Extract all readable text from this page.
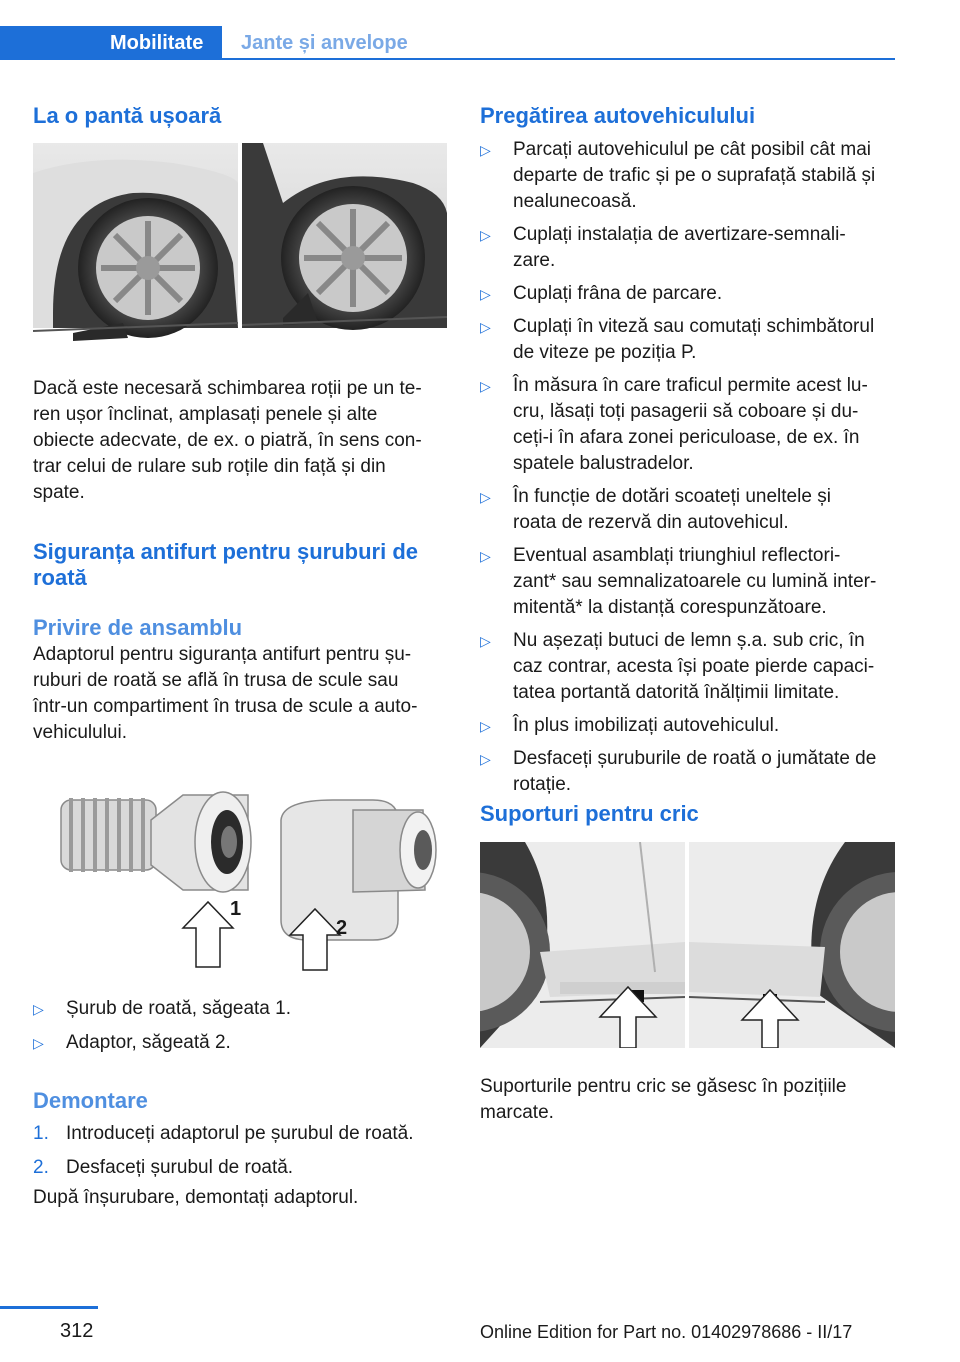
Mobilitate	Jante și anvelope
La o pantă ușoară

Dacă este necesară schimbarea roții pe un te-
ren ușor înclinat, amplasați penele și alte
obiecte adecvate, de ex. o piatră, în sens con-
trar celui de rulare sub roțile din față și din
spate.

Siguranța antifurt pentru șuruburi de
roată
Privire de ansamblu

Adaptorul pentru siguranța antifurt pentru șu-
ruburi de roată se află în trusa de scule sau
într-un compartiment în trusa de scule a auto-
vehiculului.

1
2
▷ Șurub de roată, săgeata 1.
▷ Adaptor, săgeată 2.
Demontare
1. Introduceți adaptorul pe șurubul de roată.
2. Desfaceți șurubul de roată.

După înșurubare, demontați adaptorul.

Pregătirea autovehiculului
▷ Parcați autovehiculul pe cât posibil cât mai
departe de trafic și pe o suprafață stabilă și
nealunecoasă.
▷ Cuplați instalația de avertizare-semnali-
zare.
▷ Cuplați frâna de parcare.
▷ Cuplați în viteză sau comutați schimbătorul
de viteze pe poziția P.
▷ În măsura în care traficul permite acest lu-
cru, lăsați toți pasagerii să coboare și du-
ceți-i în afara zonei periculoase, de ex. în
spatele balustradelor.
▷ În funcție de dotări scoateți uneltele și
roata de rezervă din autovehicul.
▷ Eventual asamblați triunghiul reflectori-
zant* sau semnalizatoarele cu lumină inter-
mitentă* la distanță corespunzătoare.
▷ Nu așezați butuci de lemn ș.a. sub cric, în
caz contrar, acesta își poate pierde capaci-
tatea portantă datorită înălțimii limitate.
▷ În plus imobilizați autovehiculul.
▷ Desfaceți șuruburile de roată o jumătate de
rotație.
Suporturi pentru cric

Suporturile pentru cric se găsesc în pozițiile
marcate.

312	Online Edition for Part no. 01402978686 - II/17
